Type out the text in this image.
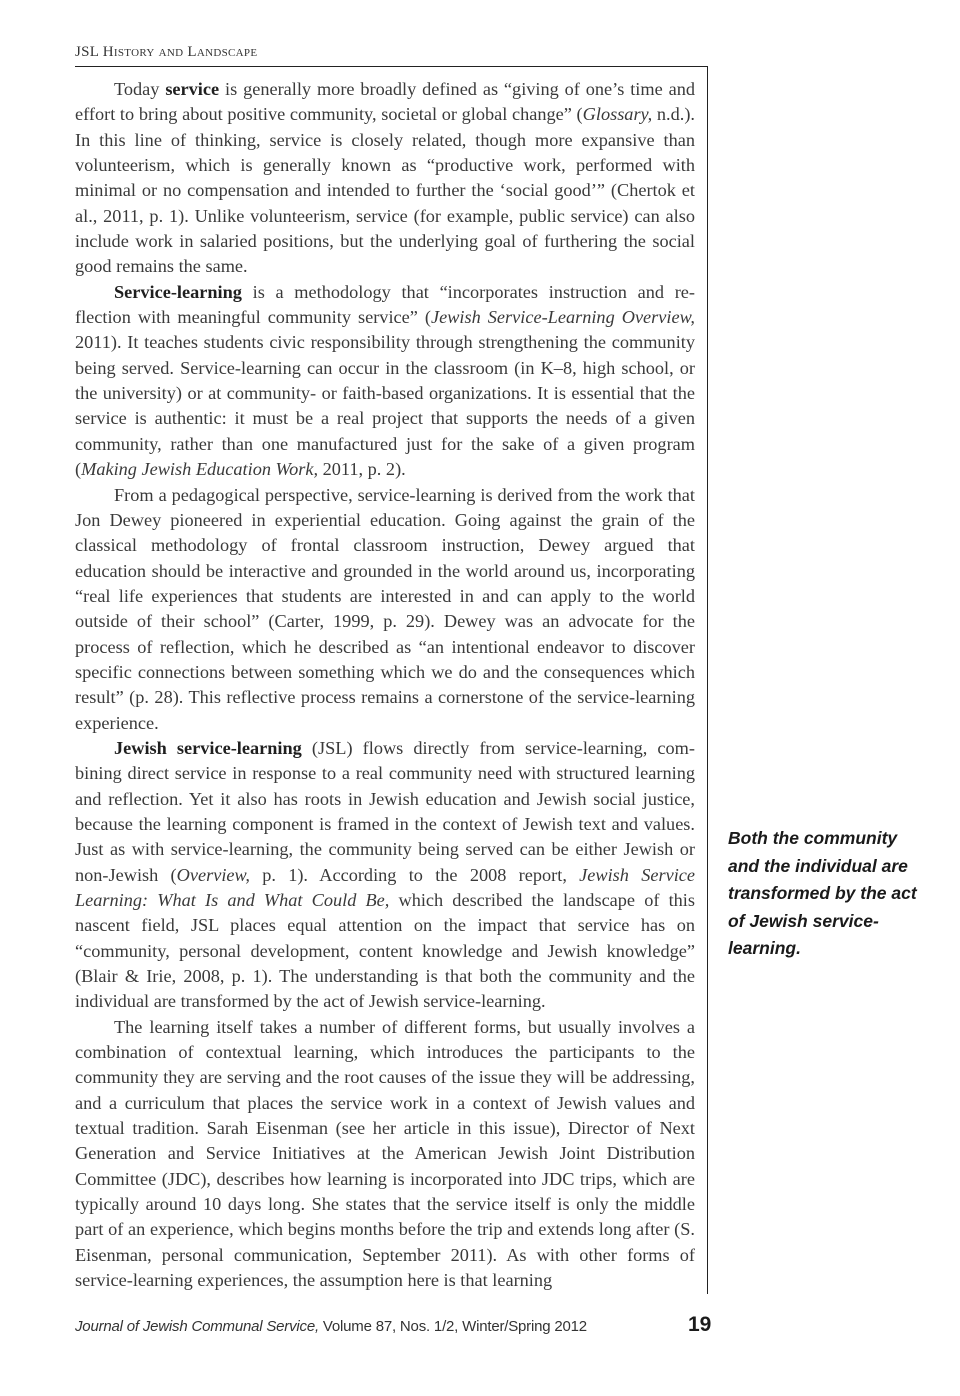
JSL History and Landscape

Today service is generally more broadly defined as “giving of one’s time and effort to bring about positive community, societal or global change” (Glossary, n.d.). In this line of thinking, service is closely related, though more expansive than volunteerism, which is generally known as “productive work, performed with minimal or no compensation and intended to further the ‘social good’” (Chertok et al., 2011, p. 1). Unlike volunteerism, service (for example, public service) can also include work in salaried positions, but the underlying goal of furthering the social good remains the same.

Service-learning is a methodology that “incorporates instruction and reflection with meaningful community service” (Jewish Service-Learning Overview, 2011). It teaches students civic responsibility through strengthening the community being served. Service-learning can occur in the classroom (in K–8, high school, or the university) or at community- or faith-based organizations. It is essential that the service is authentic: it must be a real project that supports the needs of a given community, rather than one manufactured just for the sake of a given program (Making Jewish Education Work, 2011, p. 2).

From a pedagogical perspective, service-learning is derived from the work that Jon Dewey pioneered in experiential education. Going against the grain of the classical methodology of frontal classroom instruction, Dewey argued that education should be interactive and grounded in the world around us, incorporating “real life experiences that students are interested in and can apply to the world outside of their school” (Carter, 1999, p. 29). Dewey was an advocate for the process of reflection, which he described as “an intentional endeavor to discover specific connections between something which we do and the consequences which result” (p. 28). This reflective process remains a cornerstone of the service-learning experience.

Jewish service-learning (JSL) flows directly from service-learning, combining direct service in response to a real community need with structured learning and reflection. Yet it also has roots in Jewish education and Jewish social justice, because the learning component is framed in the context of Jewish text and values. Just as with service-learning, the community being served can be either Jewish or non-Jewish (Overview, p. 1). According to the 2008 report, Jewish Service Learning: What Is and What Could Be, which described the landscape of this nascent field, JSL places equal attention on the impact that service has on “community, personal development, content knowledge and Jewish knowledge” (Blair & Irie, 2008, p. 1). The understanding is that both the community and the individual are transformed by the act of Jewish service-learning.

The learning itself takes a number of different forms, but usually involves a combination of contextual learning, which introduces the participants to the community they are serving and the root causes of the issue they will be addressing, and a curriculum that places the service work in a context of Jewish values and textual tradition. Sarah Eisenman (see her article in this issue), Director of Next Generation and Service Initiatives at the American Jewish Joint Distribution Committee (JDC), describes how learning is incorporated into JDC trips, which are typically around 10 days long. She states that the service itself is only the middle part of an experience, which begins months before the trip and extends long after (S. Eisenman, personal communication, September 2011). As with other forms of service-learning experiences, the assumption here is that learning

Both the community and the individual are transformed by the act of Jewish service-learning.
Journal of Jewish Communal Service, Volume 87, Nos. 1/2, Winter/Spring 2012	19
